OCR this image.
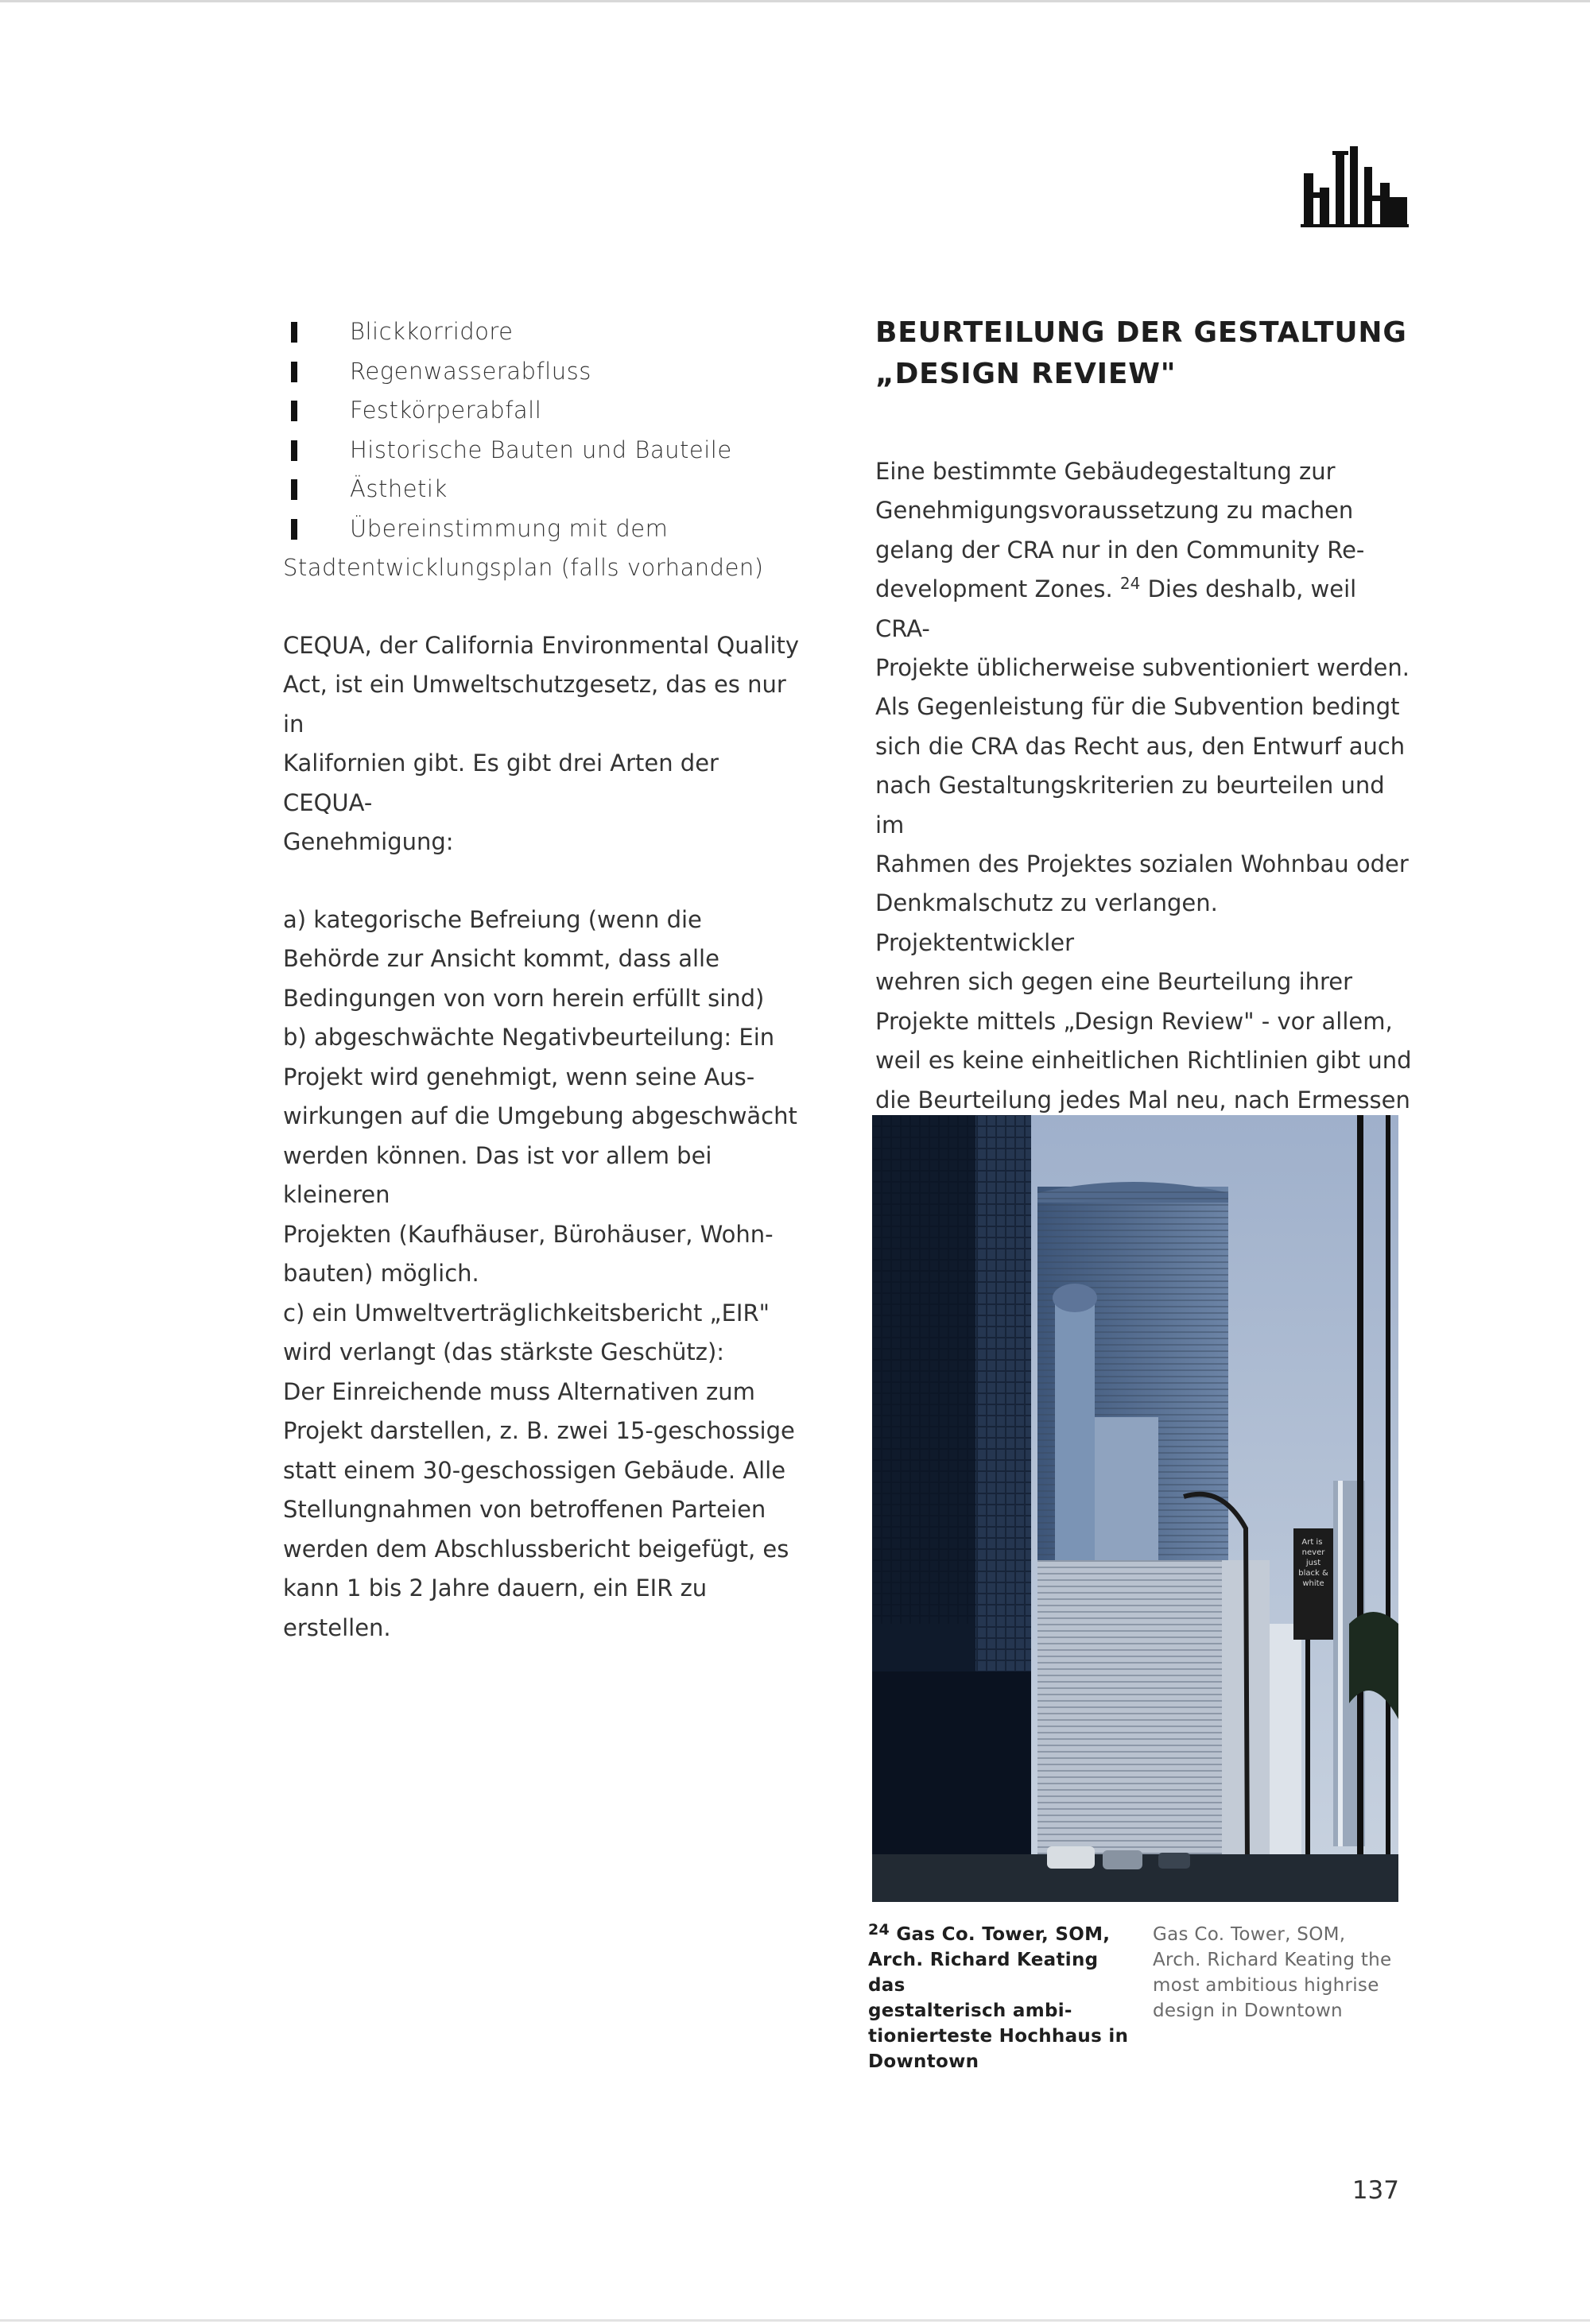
Blickkorridore
Regenwasserabfluss
Festkörperabfall
Historische Bauten und Bauteile
Ästhetik
Übereinstimmung mit dem

Stadtentwicklungsplan (falls vorhanden)

CEQUA, der California Environmental Quality
Act, ist ein Umweltschutzgesetz, das es nur in
Kalifornien gibt. Es gibt drei Arten der CEQUA-
Genehmigung:

a) kategorische Befreiung (wenn die
Behörde zur Ansicht kommt, dass alle
Bedingungen von vorn herein erfüllt sind)

b) abgeschwächte Negativbeurteilung: Ein
Projekt wird genehmigt, wenn seine Aus-
wirkungen auf die Umgebung abgeschwächt
werden können. Das ist vor allem bei kleineren
Projekten (Kaufhäuser, Bürohäuser, Wohn-
bauten) möglich.

c) ein Umweltverträglichkeitsbericht „EIR"
wird verlangt (das stärkste Geschütz):
Der Einreichende muss Alternativen zum
Projekt darstellen, z. B. zwei 15-geschossige
statt einem 30-geschossigen Gebäude. Alle
Stellungnahmen von betroffenen Parteien
werden dem Abschlussbericht beigefügt, es
kann 1 bis 2 Jahre dauern, ein EIR zu erstellen.

BEURTEILUNG DER GESTALTUNG
„DESIGN REVIEW"

Eine bestimmte Gebäudegestaltung zur
Genehmigungsvoraussetzung zu machen
gelang der CRA nur in den Community Re-
development Zones. $^{24}$ Dies deshalb, weil CRA-
Projekte üblicherweise subventioniert werden.
Als Gegenleistung für die Subvention bedingt
sich die CRA das Recht aus, den Entwurf auch
nach Gestaltungskriterien zu beurteilen und im
Rahmen des Projektes sozialen Wohnbau oder
Denkmalschutz zu verlangen. Projektentwickler
wehren sich gegen eine Beurteilung ihrer
Projekte mittels „Design Review" - vor allem,
weil es keine einheitlichen Richtlinien gibt und
die Beurteilung jedes Mal neu, nach Ermessen

Art is never just black & white

$^{24}$ Gas Co. Tower, SOM,
Arch. Richard Keating das
gestalterisch ambi-
tionierteste Hochhaus in
Downtown

Gas Co. Tower, SOM,
Arch. Richard Keating the
most ambitious highrise
design in Downtown

137
